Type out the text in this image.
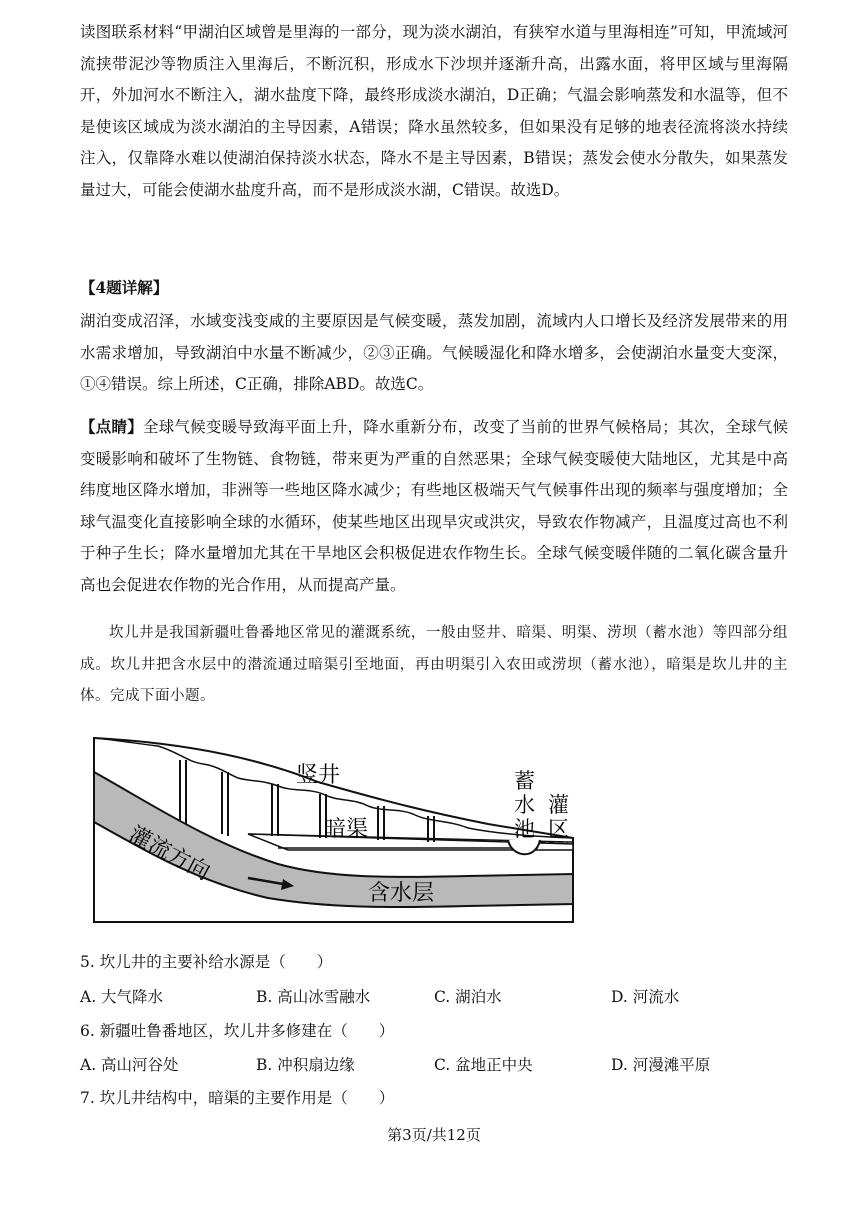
读图联系材料“甲湖泊区域曾是里海的一部分，现为淡水湖泊，有狭窄水道与里海相连”可知，甲流域河流挟带泥沙等物质注入里海后，不断沉积，形成水下沙坝并逐渐升高，出露水面，将甲区域与里海隔开，外加河水不断注入，湖水盐度下降，最终形成淡水湖泊，D正确；气温会影响蒸发和水温等，但不是使该区域成为淡水湖泊的主导因素，A错误；降水虽然较多，但如果没有足够的地表径流将淡水持续注入，仅靠降水难以使湖泊保持淡水状态，降水不是主导因素，B错误；蒸发会使水分散失，如果蒸发量过大，可能会使湖水盐度升高，而不是形成淡水湖，C错误。故选D。

【4题详解】

湖泊变成沼泽，水域变浅变咸的主要原因是气候变暖，蒸发加剧，流域内人口增长及经济发展带来的用水需求增加，导致湖泊中水量不断减少，②③正确。气候暖湿化和降水增多，会使湖泊水量变大变深，①④错误。综上所述，C正确，排除ABD。故选C。

【点睛】全球气候变暖导致海平面上升，降水重新分布，改变了当前的世界气候格局；其次，全球气候变暖影响和破坏了生物链、食物链，带来更为严重的自然恶果；全球气候变暖使大陆地区，尤其是中高纬度地区降水增加，非洲等一些地区降水减少；有些地区极端天气气候事件出现的频率与强度增加；全球气温变化直接影响全球的水循环，使某些地区出现旱灾或洪灾，导致农作物减产，且温度过高也不利于种子生长；降水量增加尤其在干旱地区会积极促进农作物生长。全球气候变暖伴随的二氧化碳含量升高也会促进农作物的光合作用，从而提高产量。

坎儿井是我国新疆吐鲁番地区常见的灌溉系统，一般由竖井、暗渠、明渠、涝坝（蓄水池）等四部分组成。坎儿井把含水层中的潜流通过暗渠引至地面，再由明渠引入农田或涝坝（蓄水池），暗渠是坎儿井的主体。完成下面小题。

竖井
暗渠
灌流方向
含水层
蓄
水
池
灌
区
5. 坎儿井的主要补给水源是（　　）
A. 大气降水	B. 高山冰雪融水	C. 湖泊水	D. 河流水
6. 新疆吐鲁番地区，坎儿井多修建在（　　）
A. 高山河谷处	B. 冲积扇边缘	C. 盆地正中央	D. 河漫滩平原
7. 坎儿井结构中，暗渠的主要作用是（　　）
第3页/共12页
